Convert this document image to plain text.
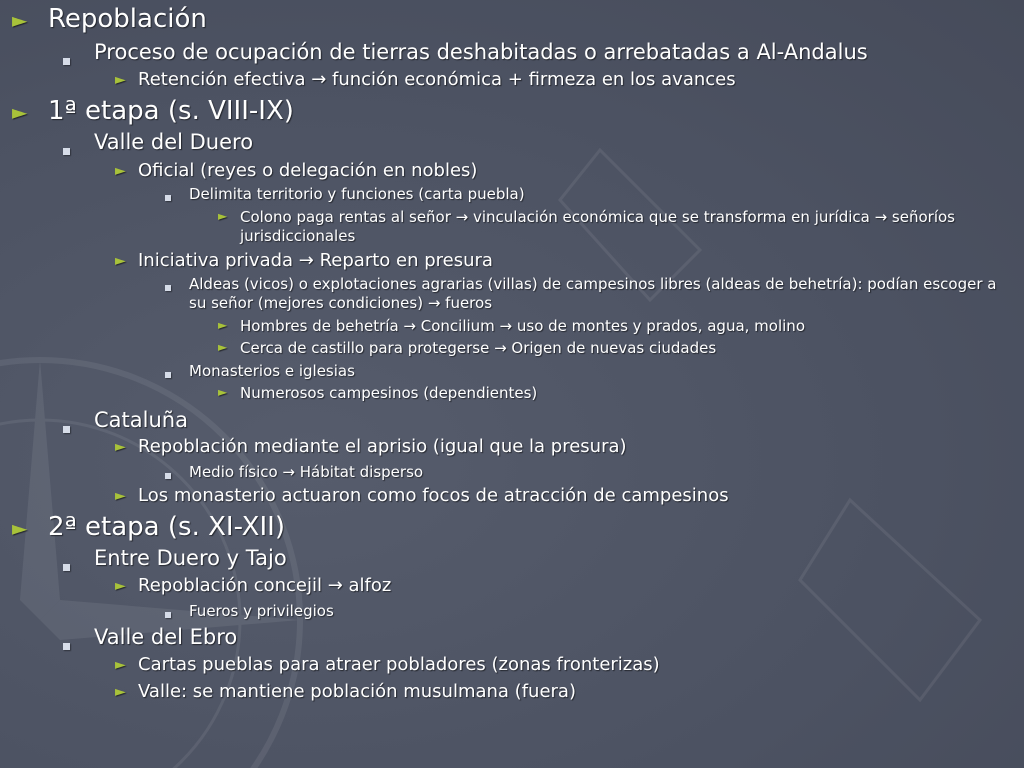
► Repoblación
Proceso de ocupación de tierras deshabitadas o arrebatadas a Al-Andalus
► Retención efectiva → función económica + firmeza en los avances
► 1ª etapa (s. VIII-IX)
Valle del Duero
► Oficial (reyes o delegación en nobles)
Delimita territorio y funciones (carta puebla)
► Colono paga rentas al señor → vinculación económica que se transforma en jurídica → señoríos jurisdiccionales
► Iniciativa privada → Reparto en presura
Aldeas (vicos) o explotaciones agrarias (villas) de campesinos libres (aldeas de behetría): podían escoger a su señor (mejores condiciones) → fueros
► Hombres de behetría → Concilium → uso de montes y prados, agua, molino
► Cerca de castillo para protegerse → Origen de nuevas ciudades
Monasterios e iglesias
► Numerosos campesinos (dependientes)
Cataluña
► Repoblación mediante el aprisio (igual que la presura)
Medio físico → Hábitat disperso
► Los monasterio actuaron como focos de atracción de campesinos
► 2ª etapa (s. XI-XII)
Entre Duero y Tajo
► Repoblación concejil → alfoz
Fueros y privilegios
Valle del Ebro
► Cartas pueblas para atraer pobladores (zonas fronterizas)
► Valle: se mantiene población musulmana (fuera)
